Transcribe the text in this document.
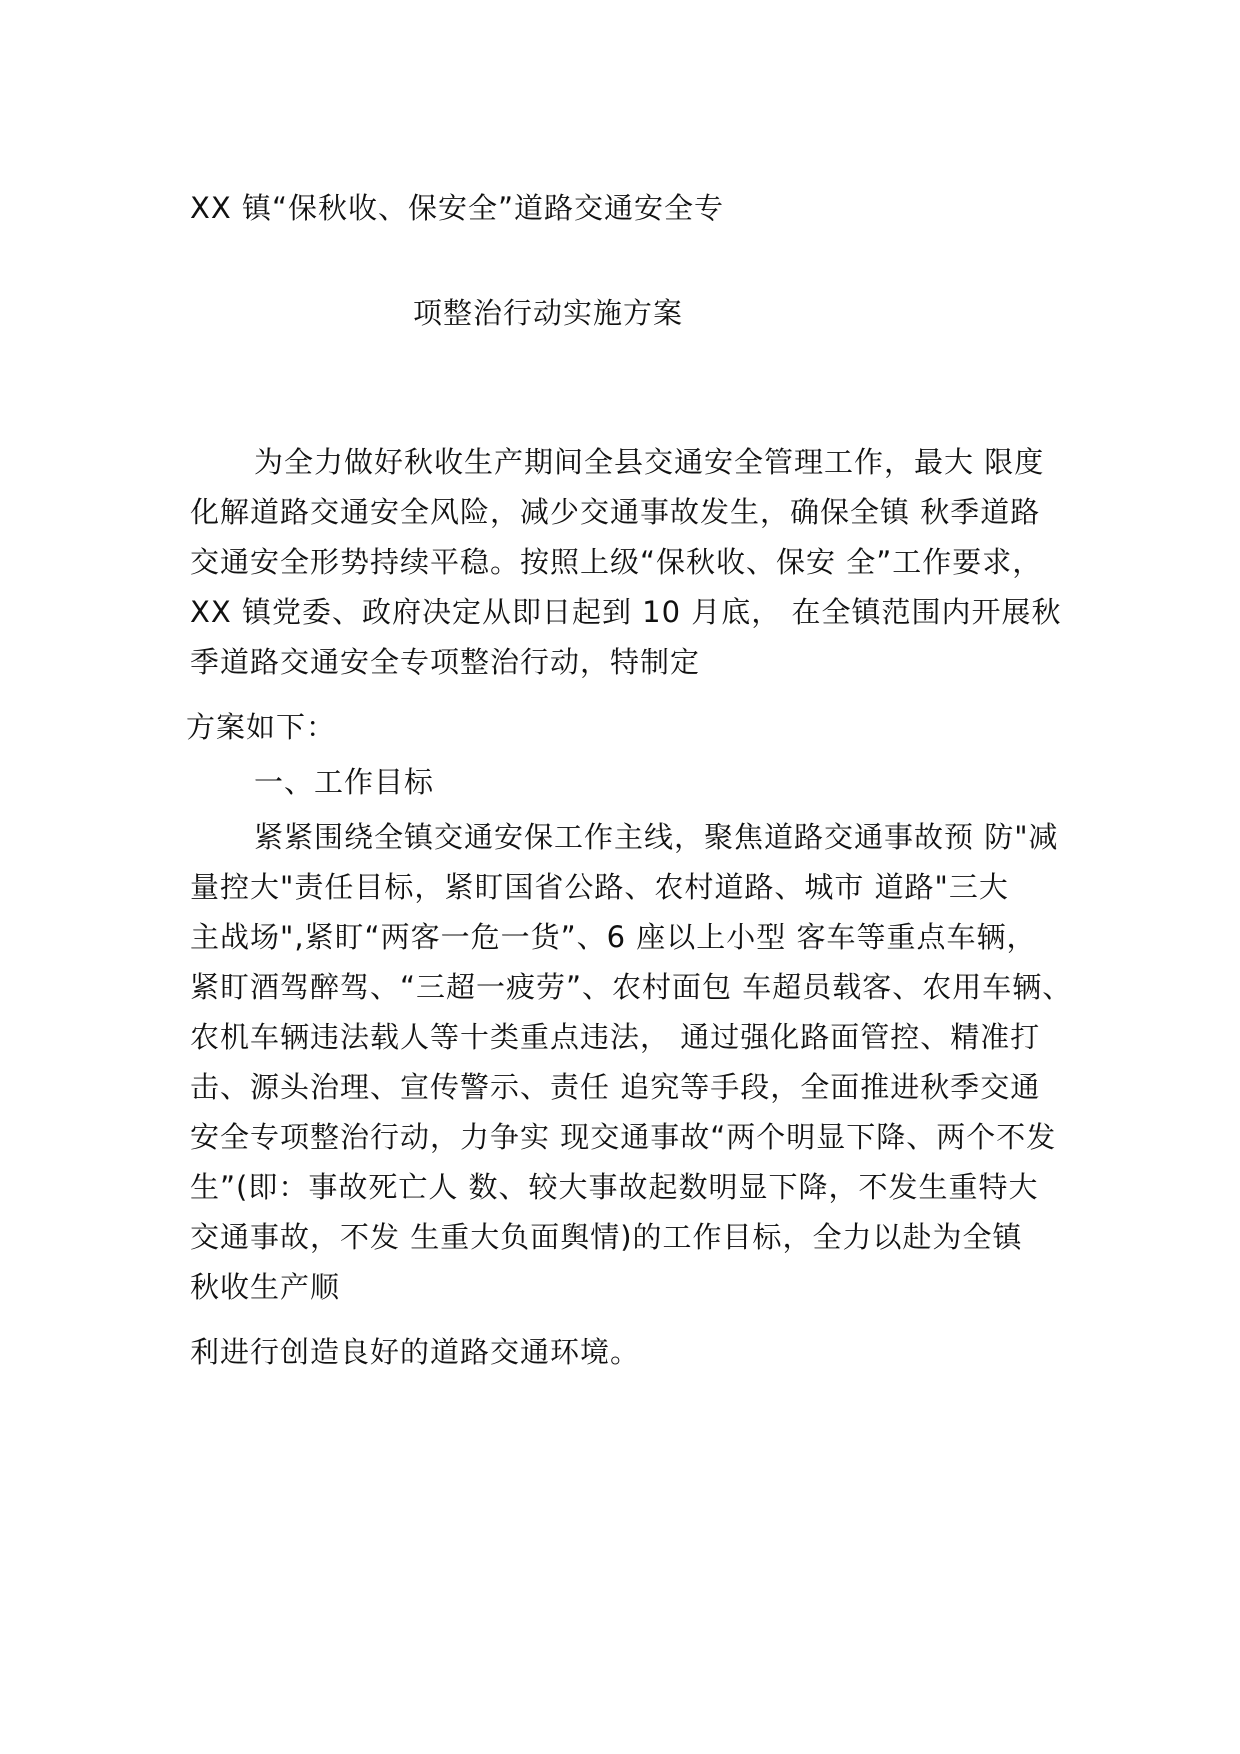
XX 镇“保秋收、保安全”道路交通安全专
项整治行动实施方案
为全力做好秋收生产期间全县交通安全管理工作，最大 限度
化解道路交通安全风险，减少交通事故发生，确保全镇 秋季道路
交通安全形势持续平稳。按照上级“保秋收、保安 全”工作要求，
XX 镇党委、政府决定从即日起到 10 月底， 在全镇范围内开展秋
季道路交通安全专项整治行动，特制定
方案如下：
一、工作目标
紧紧围绕全镇交通安保工作主线，聚焦道路交通事故预 防"减
量控大"责任目标，紧盯国省公路、农村道路、城市 道路"三大
主战场",紧盯“两客一危一货”、6 座以上小型 客车等重点车辆，
紧盯酒驾醉驾、“三超一疲劳”、农村面包 车超员载客、农用车辆、
农机车辆违法载人等十类重点违法， 通过强化路面管控、精准打
击、源头治理、宣传警示、责任 追究等手段，全面推进秋季交通
安全专项整治行动，力争实 现交通事故“两个明显下降、两个不发
生”(即：事故死亡人 数、较大事故起数明显下降，不发生重特大
交通事故，不发 生重大负面舆情)的工作目标，全力以赴为全镇
秋收生产顺
利进行创造良好的道路交通环境。
